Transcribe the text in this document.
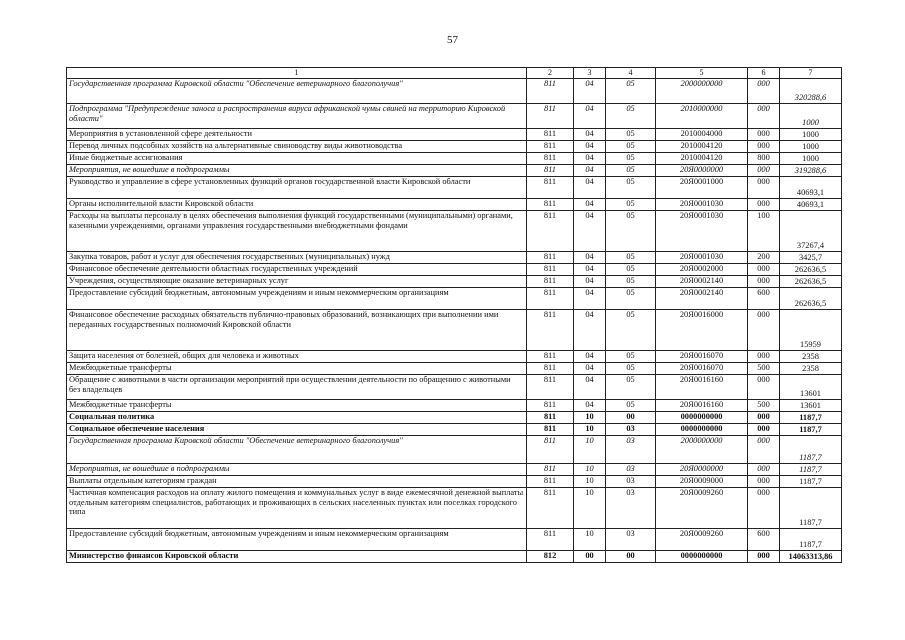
57
1	2	3	4	5	6	7
Государственная программа Кировской области "Обеспечение ветеринарного благополучия"	811	04	05	2000000000	000	320288,6
Подпрограмма "Предупреждение заноса и распространения вируса африканской чумы свиней на территорию Кировской области"	811	04	05	2010000000	000	1000
Мероприятия в установленной сфере деятельности	811	04	05	2010004000	000	1000
Перевод личных подсобных хозяйств на альтернативные свиноводству виды животноводства	811	04	05	2010004120	000	1000
Иные бюджетные ассигнования	811	04	05	2010004120	800	1000
Мероприятия, не вошедшие в подпрограммы	811	04	05	20Я0000000	000	319288,6
Руководство и управление в сфере установленных функций органов государственной власти Кировской области	811	04	05	20Я0001000	000	40693,1
Органы исполнительной власти Кировской области	811	04	05	20Я0001030	000	40693,1
Расходы на выплаты персоналу в целях обеспечения выполнения функций государственными (муниципальными) органами, казенными учреждениями, органами управления государственными внебюджетными фондами	811	04	05	20Я0001030	100	37267,4
Закупка товаров, работ и услуг для обеспечения государственных (муниципальных) нужд	811	04	05	20Я0001030	200	3425,7
Финансовое обеспечение деятельности областных государственных учреждений	811	04	05	20Я0002000	000	262636,5
Учреждения, осуществляющие оказание ветеринарных услуг	811	04	05	20Я0002140	000	262636,5
Предоставление субсидий бюджетным, автономным учреждениям и иным некоммерческим организациям	811	04	05	20Я0002140	600	262636,5
Финансовое обеспечение расходных обязательств публично-правовых образований, возникающих при выполнении ими переданных государственных полномочий Кировской области	811	04	05	20Я0016000	000	15959
Защита населения от болезней, общих для человека и животных	811	04	05	20Я0016070	000	2358
Межбюджетные трансферты	811	04	05	20Я0016070	500	2358
Обращение с животными в части организации мероприятий при осуществлении деятельности по обращению с животными без владельцев	811	04	05	20Я0016160	000	13601
Межбюджетные трансферты	811	04	05	20Я0016160	500	13601
Социальная политика	811	10	00	0000000000	000	1187,7
Социальное обеспечение населения	811	10	03	0000000000	000	1187,7
Государственная программа Кировской области "Обеспечение ветеринарного благополучия"	811	10	03	2000000000	000	1187,7
Мероприятия, не вошедшие в подпрограммы	811	10	03	20Я0000000	000	1187,7
Выплаты отдельным категориям граждан	811	10	03	20Я0009000	000	1187,7
Частичная компенсация расходов на оплату жилого помещения и коммунальных услуг в виде ежемесячной денежной выплаты отдельным категориям специалистов, работающих и проживающих в сельских населенных пунктах или поселках городского типа	811	10	03	20Я0009260	000	1187,7
Предоставление субсидий бюджетным, автономным учреждениям и иным некоммерческим организациям	811	10	03	20Я0009260	600	1187,7
Министерство финансов Кировской области	812	00	00	0000000000	000	14063313,86
